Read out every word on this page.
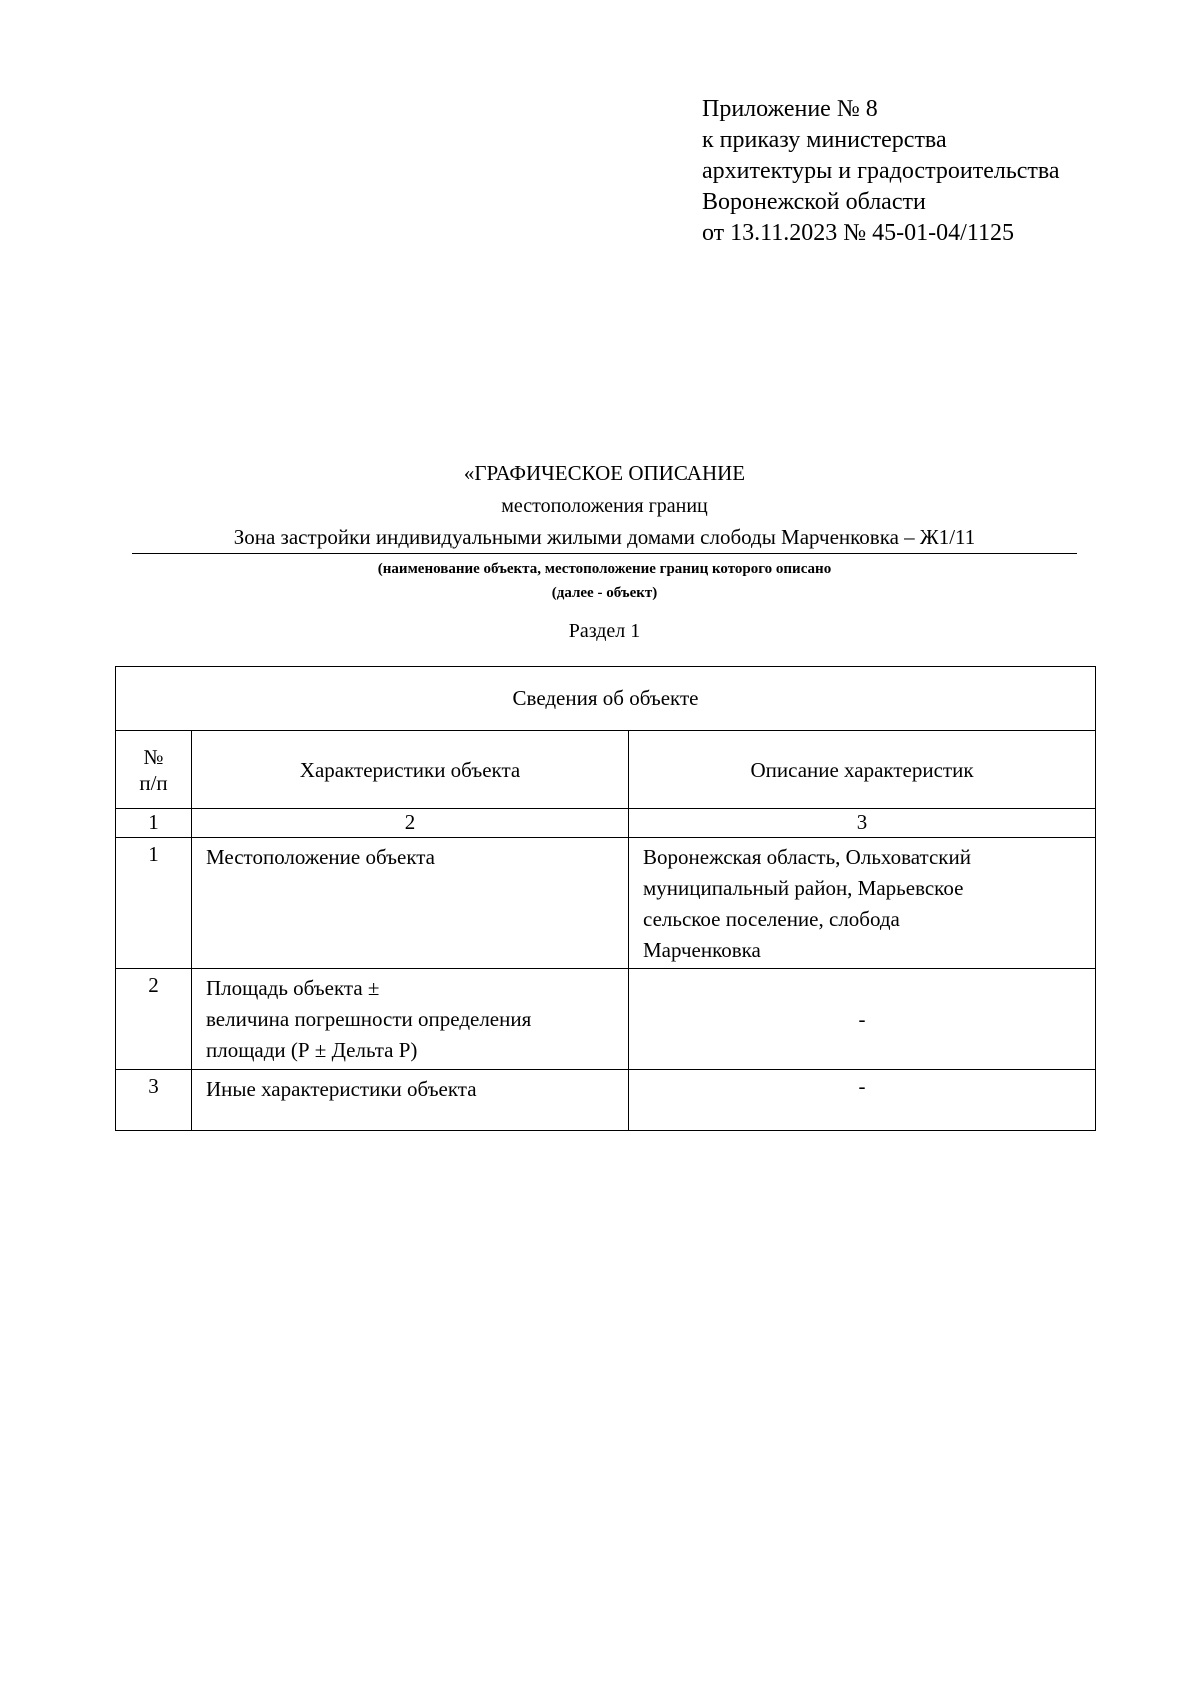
Приложение № 8
к приказу министерства
архитектуры и градостроительства
Воронежской области
от 13.11.2023 № 45-01-04/1125
«ГРАФИЧЕСКОЕ ОПИСАНИЕ
местоположения границ
Зона застройки индивидуальными жилыми домами слободы Марченковка – Ж1/11
(наименование объекта, местоположение границ которого описано
(далее - объект)
Раздел 1
Сведения об объекте		

№
п/п	Характеристики объекта	Описание характеристик
1	2	3
1	Местоположение объекта	Воронежская область, Ольховатский
муниципальный район, Марьевское
сельское поселение, слобода
Марченковка

2	Площадь объекта ±
величина погрешности определения
площади (Р ± Дельта Р)	-
3	Иные характеристики объекта	-
